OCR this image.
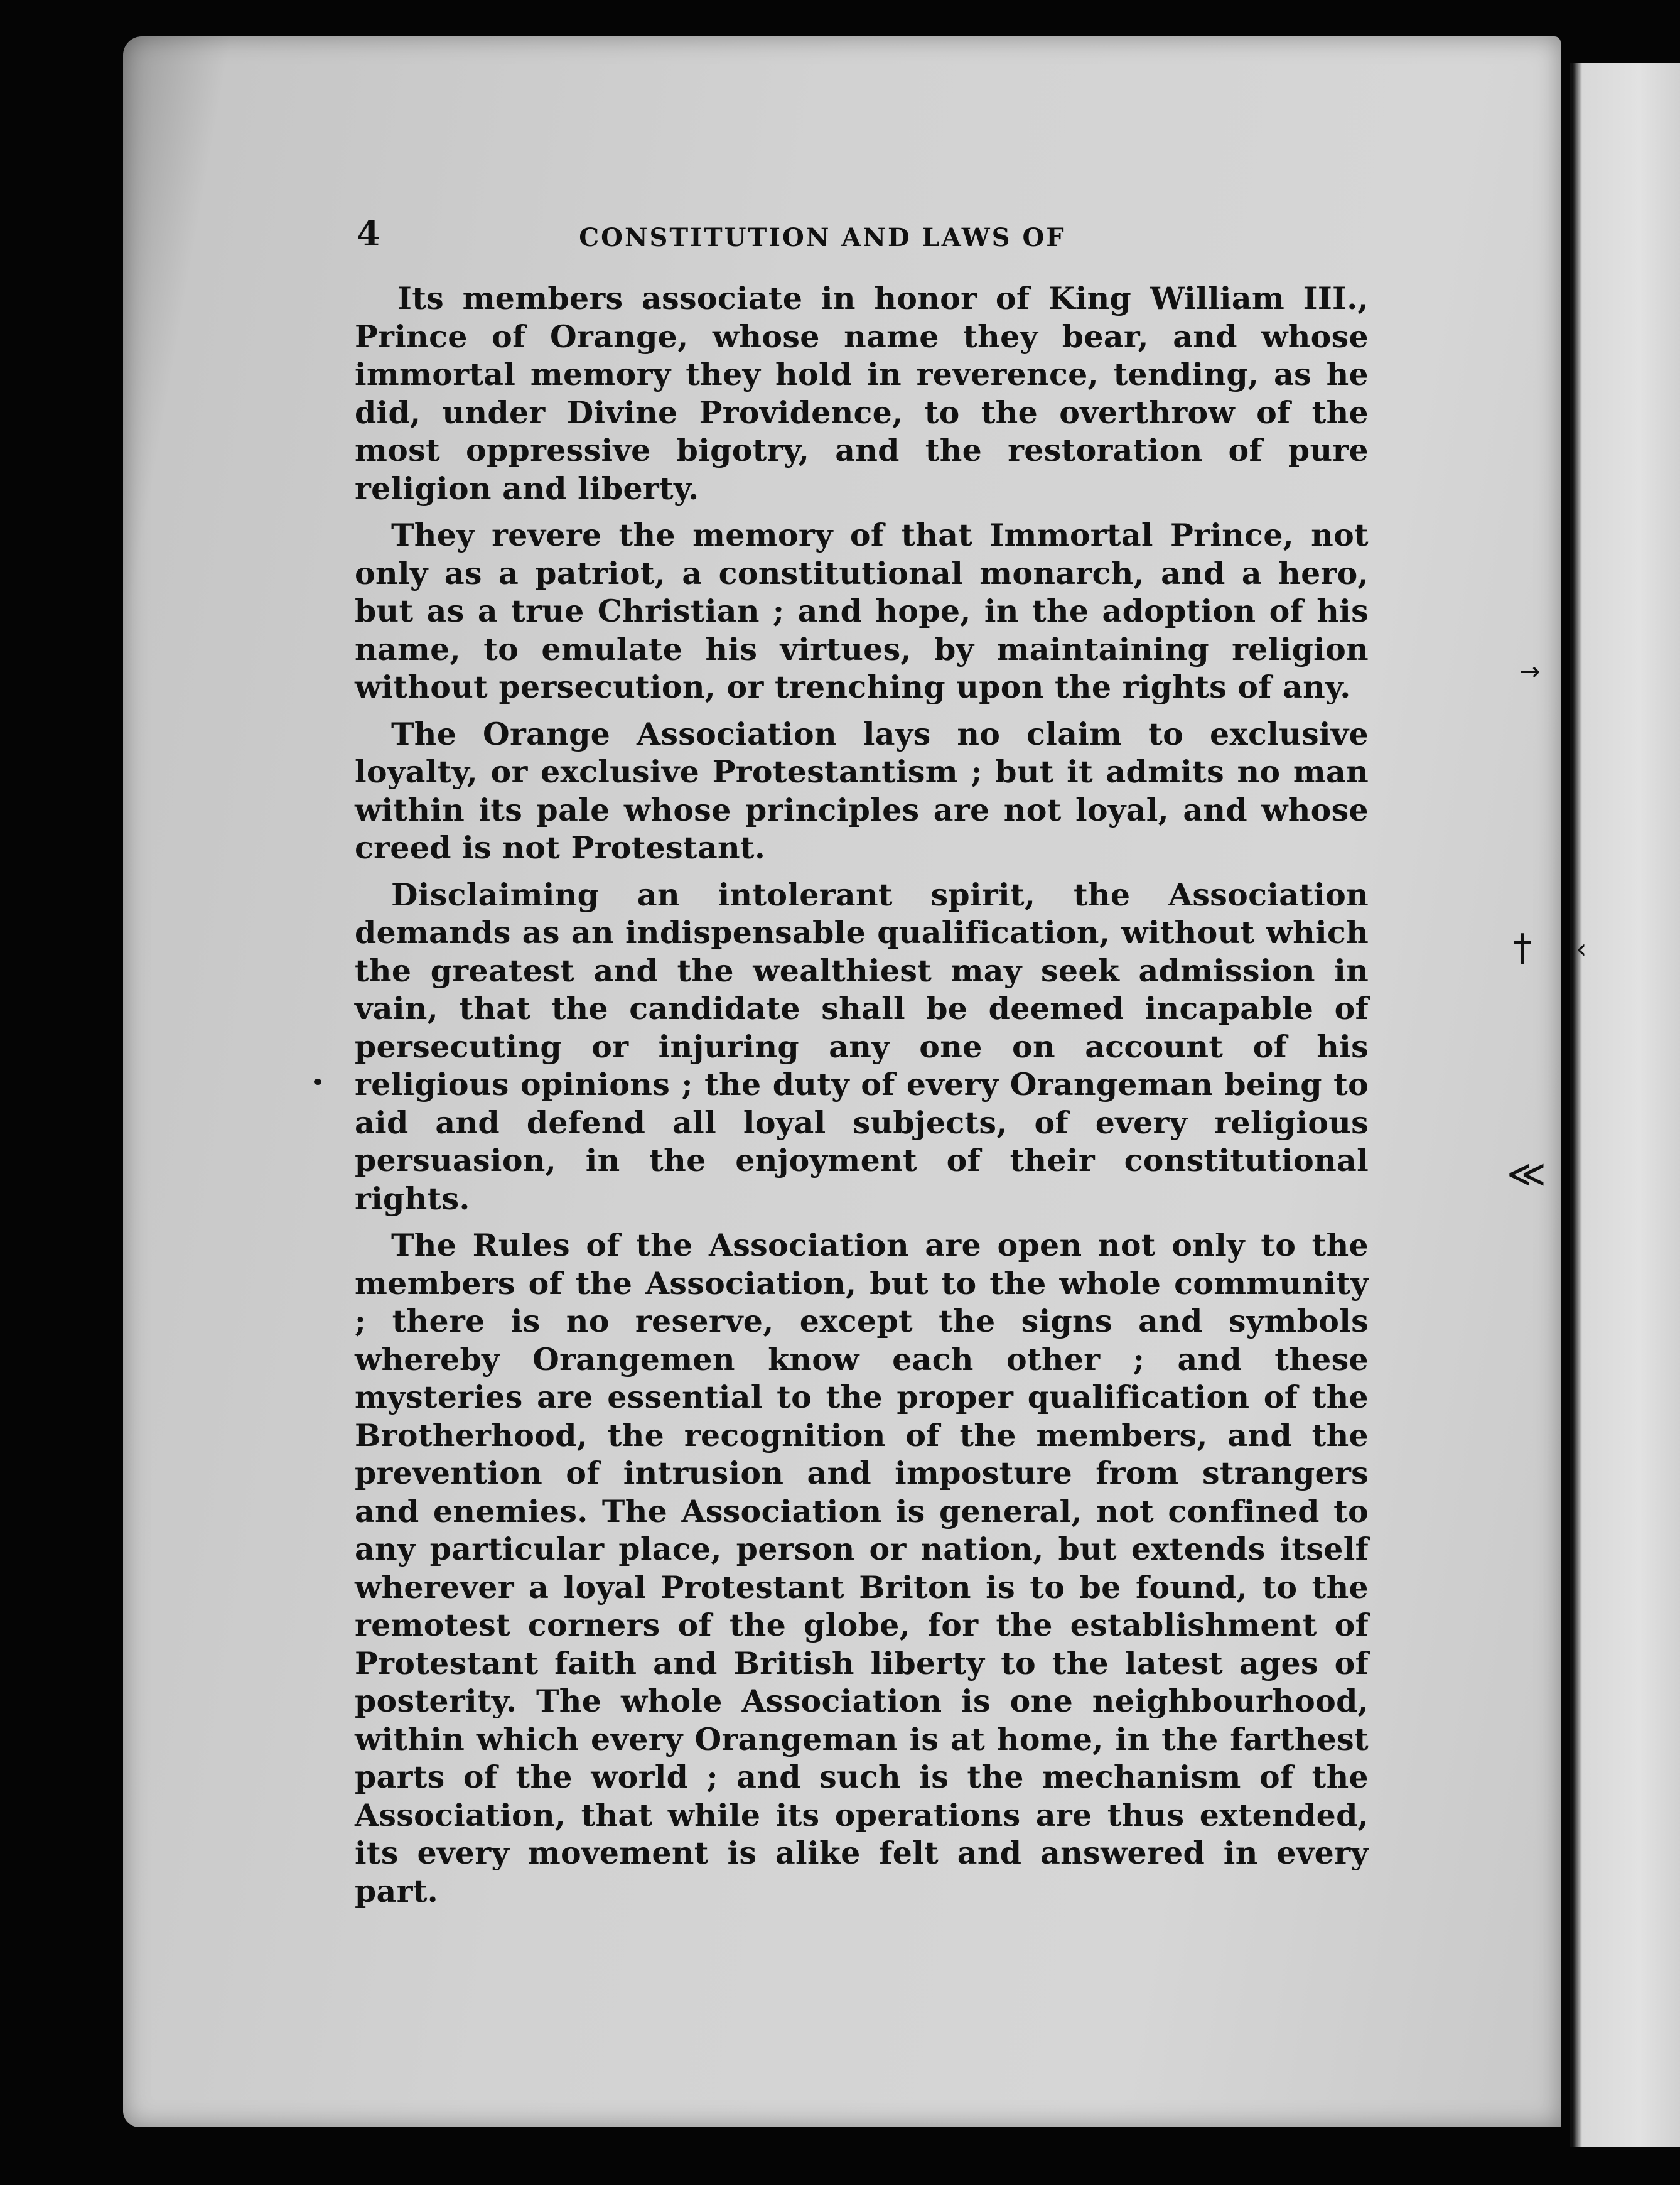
→
† ‹
≪
4	CONSTITUTION AND LAWS OF

Its members associate in honor of King William III., Prince of Orange, whose name they bear, and whose immortal memory they hold in reverence, tending, as he did, under Divine Providence, to the overthrow of the most oppressive bigotry, and the restoration of pure religion and liberty.

They revere the memory of that Immortal Prince, not only as a patriot, a constitutional monarch, and a hero, but as a true Christian ; and hope, in the adoption of his name, to emulate his virtues, by maintaining religion without persecution, or trenching upon the rights of any.

The Orange Association lays no claim to exclusive loyalty, or exclusive Protestantism ; but it admits no man within its pale whose principles are not loyal, and whose creed is not Protestant.

Disclaiming an intolerant spirit, the Association demands as an indispensable qualification, without which the greatest and the wealthiest may seek admission in vain, that the candidate shall be deemed incapable of persecuting or injuring any one on account of his religious opinions ; the duty of every Orangeman being to aid and defend all loyal subjects, of every religious persuasion, in the enjoyment of their constitutional rights.

The Rules of the Association are open not only to the members of the Association, but to the whole community ; there is no reserve, except the signs and symbols whereby Orangemen know each other ; and these mysteries are essential to the proper qualification of the Brotherhood, the recognition of the members, and the prevention of intrusion and imposture from strangers and enemies. The Association is general, not confined to any particular place, person or nation, but extends itself wherever a loyal Protestant Briton is to be found, to the remotest corners of the globe, for the establishment of Protestant faith and British liberty to the latest ages of posterity. The whole Association is one neighbourhood, within which every Orangeman is at home, in the farthest parts of the world ; and such is the mechanism of the Association, that while its operations are thus extended, its every movement is alike felt and answered in every part.
